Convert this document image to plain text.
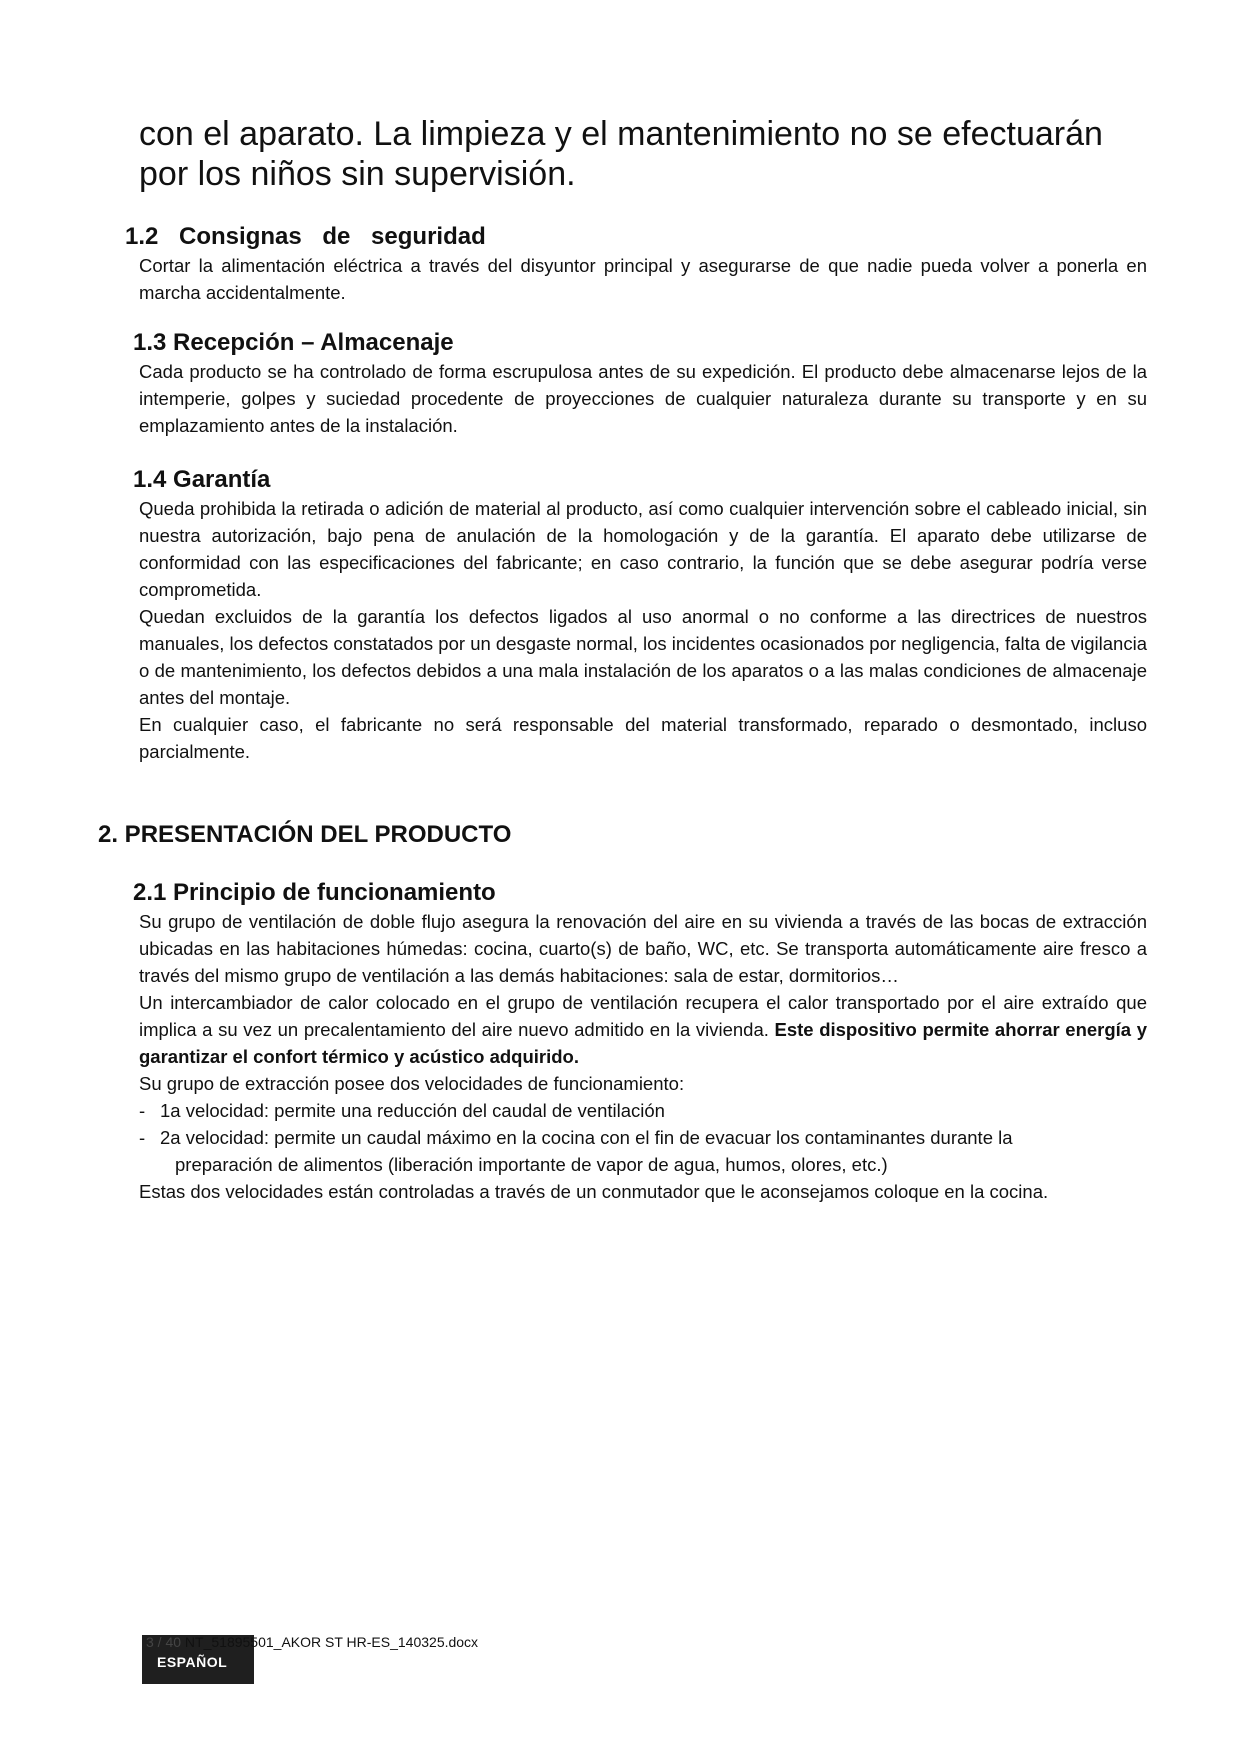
con el aparato. La limpieza y el mantenimiento no se efectuarán por los niños sin supervisión.

1.2 Consignas de seguridad

Cortar la alimentación eléctrica a través del disyuntor principal y asegurarse de que nadie pueda volver a ponerla en marcha accidentalmente.

1.3 Recepción – Almacenaje

Cada producto se ha controlado de forma escrupulosa antes de su expedición. El producto debe almacenarse lejos de la intemperie, golpes y suciedad procedente de proyecciones de cualquier naturaleza durante su transporte y en su emplazamiento antes de la instalación.

1.4 Garantía

Queda prohibida la retirada o adición de material al producto, así como cualquier intervención sobre el cableado inicial, sin nuestra autorización, bajo pena de anulación de la homologación y de la garantía. El aparato debe utilizarse de conformidad con las especificaciones del fabricante; en caso contrario, la función que se debe asegurar podría verse comprometida.

Quedan excluidos de la garantía los defectos ligados al uso anormal o no conforme a las directrices de nuestros manuales, los defectos constatados por un desgaste normal, los incidentes ocasionados por negligencia, falta de vigilancia o de mantenimiento, los defectos debidos a una mala instalación de los aparatos o a las malas condiciones de almacenaje antes del montaje.

En cualquier caso, el fabricante no será responsable del material transformado, reparado o desmontado, incluso parcialmente.

2. PRESENTACIÓN DEL PRODUCTO
2.1 Principio de funcionamiento

Su grupo de ventilación de doble flujo asegura la renovación del aire en su vivienda a través de las bocas de extracción ubicadas en las habitaciones húmedas: cocina, cuarto(s) de baño, WC, etc. Se transporta automáticamente aire fresco a través del mismo grupo de ventilación a las demás habitaciones: sala de estar, dormitorios…

Un intercambiador de calor colocado en el grupo de ventilación recupera el calor transportado por el aire extraído que implica a su vez un precalentamiento del aire nuevo admitido en la vivienda. Este dispositivo permite ahorrar energía y garantizar el confort térmico y acústico adquirido.

Su grupo de extracción posee dos velocidades de funcionamiento:

- 1a velocidad: permite una reducción del caudal de ventilación
- 2a velocidad: permite un caudal máximo en la cocina con el fin de evacuar los contaminantes durante la
preparación de alimentos (liberación importante de vapor de agua, humos, olores, etc.)

Estas dos velocidades están controladas a través de un conmutador que le aconsejamos coloque en la cocina.

3 / 40 NT_51895501_AKOR ST HR-ES_140325.docx
ESPAÑOL
